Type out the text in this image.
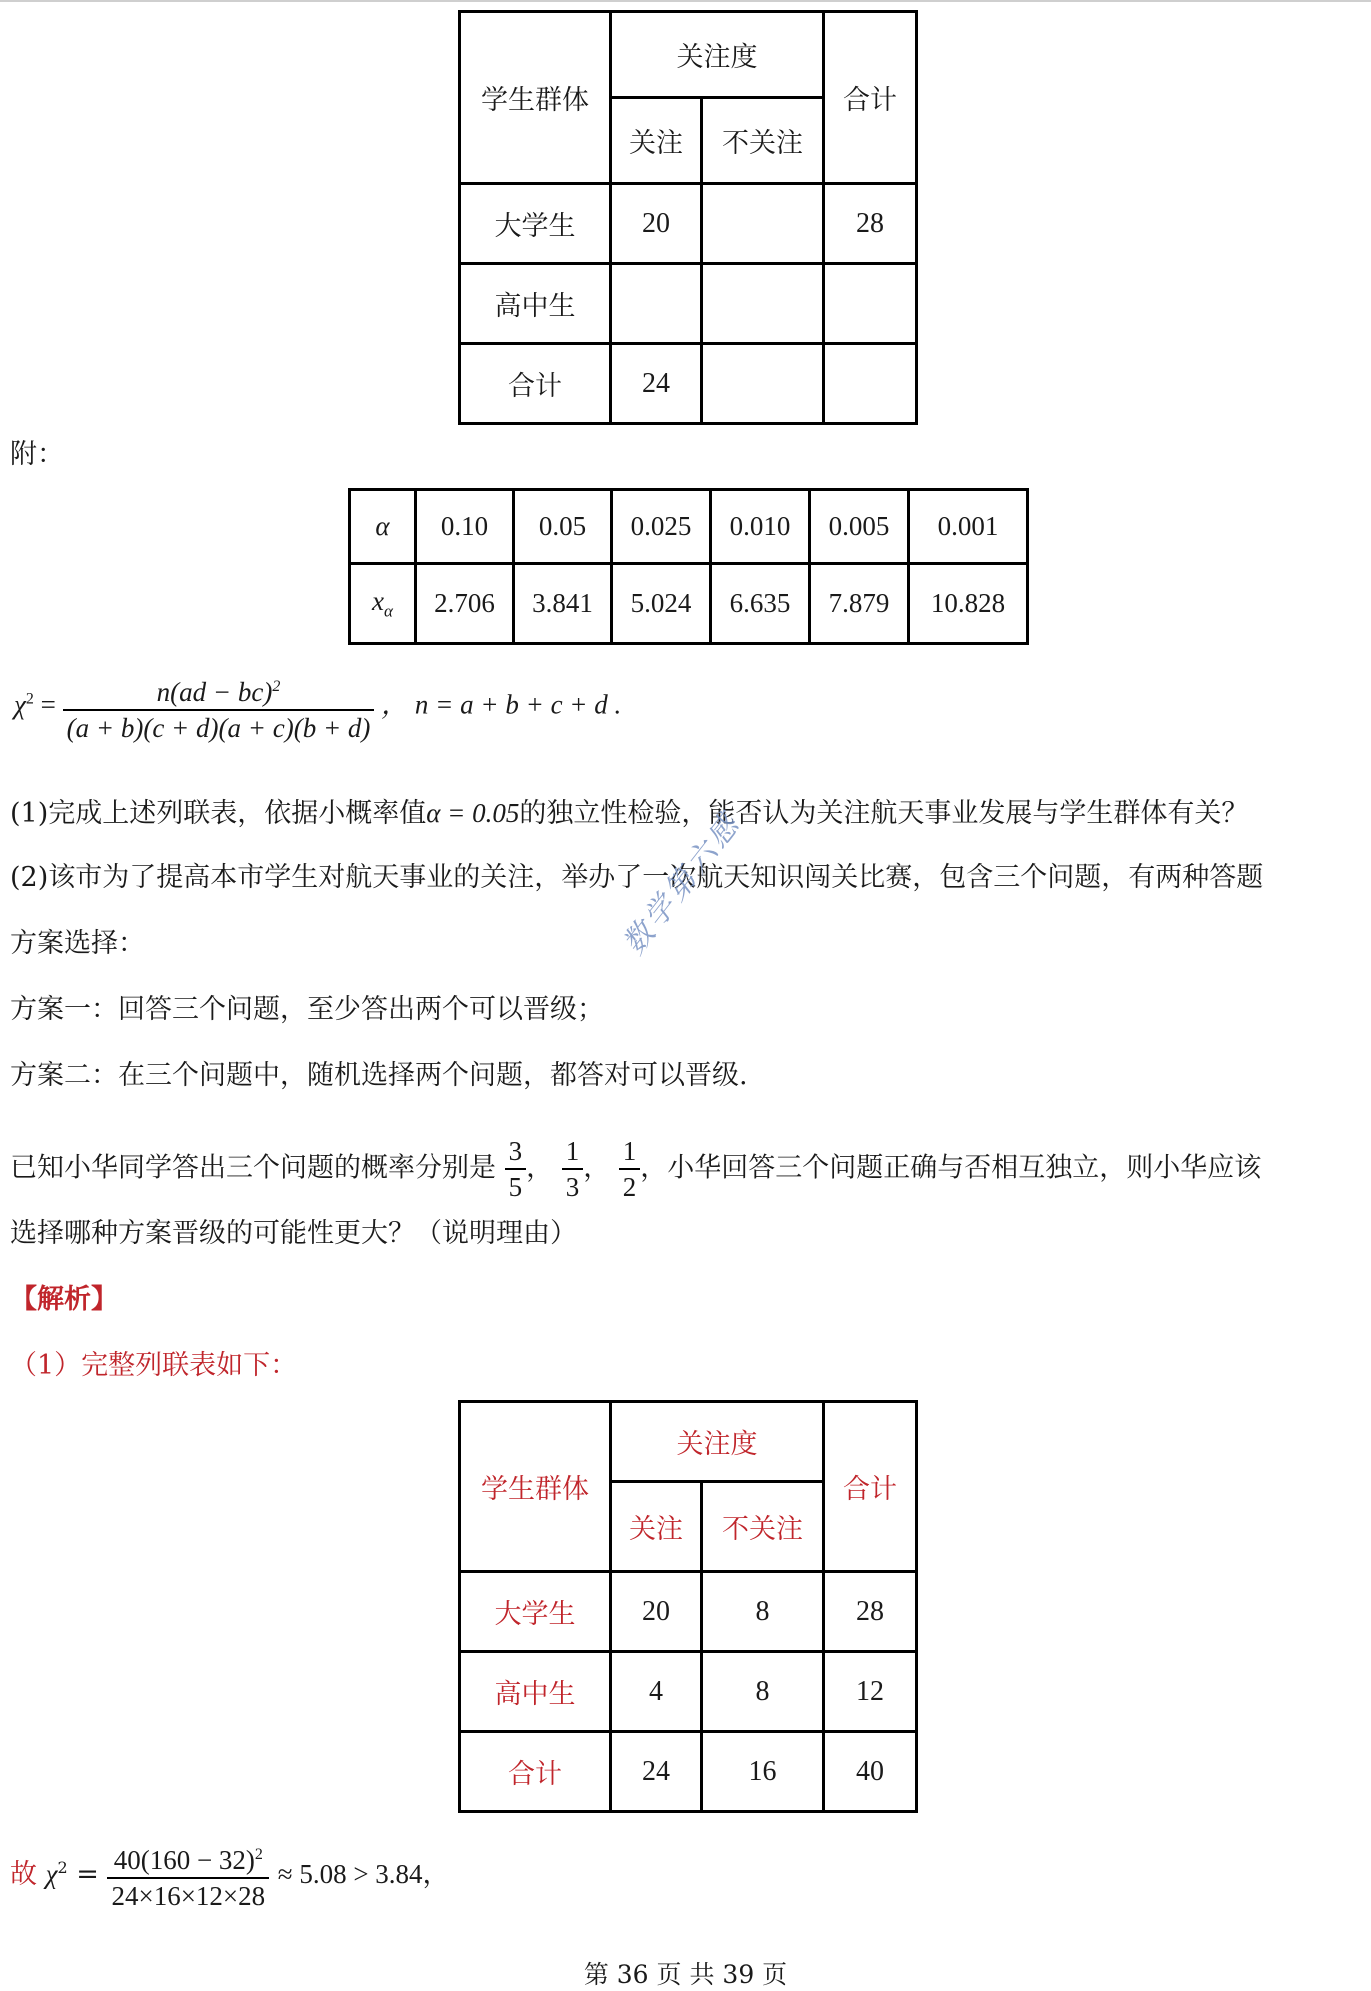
学生群体	关注度		合计
	关注	不关注	
大学生	20		28
高中生			
合计	24		
附：
α	0.10	0.05	0.025	0.010	0.005	0.001
$x_\alpha$	2.706	3.841	5.024	6.635	7.879	10.828
$\chi^2 = \frac{n(ad - bc)^2}{(a + b)(c + d)(a + c)(b + d)}$ ， n = a + b + c + d .
(1)完成上述列联表，依据小概率值α = 0.05的独立性检验，能否认为关注航天事业发展与学生群体有关？
(2)该市为了提高本市学生对航天事业的关注，举办了一次航天知识闯关比赛，包含三个问题，有两种答题
方案选择：
方案一：回答三个问题，至少答出两个可以晋级；
方案二：在三个问题中，随机选择两个问题，都答对可以晋级.
已知小华同学答出三个问题的概率分别是 $\frac{3}{5}$ ， $\frac{1}{3}$ ， $\frac{1}{2}$ ，小华回答三个问题正确与否相互独立，则小华应该
选择哪种方案晋级的可能性更大？（说明理由）
数学第六感
【解析】
（1）完整列联表如下：
学生群体	关注度		合计
	关注	不关注	
大学生	20	8	28
高中生	4	8	12
合计	24	16	40
故 $\chi^2 = \frac{40(160 - 32)^2}{24\times 16\times 12\times 28} \approx 5.08 > 3.84$，
第 36 页 共 39 页
